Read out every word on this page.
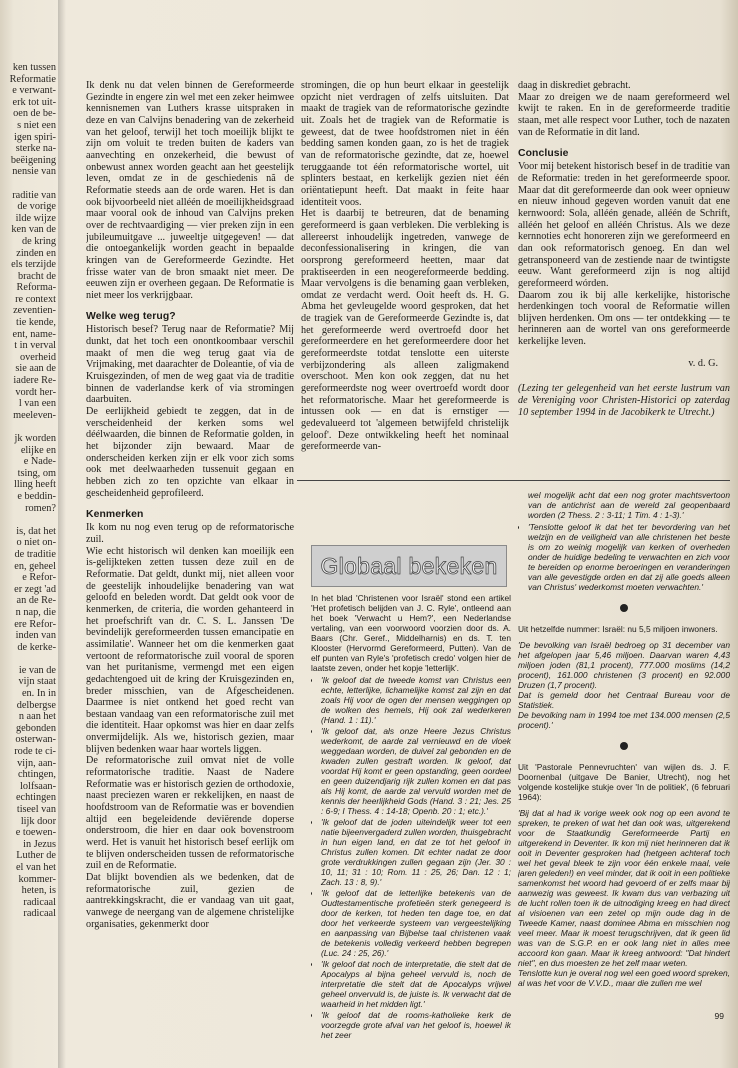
ken tussen
Reformatie
e verwant-
erk tot uit-
oen de be-
s niet een
igen spiri-
sterke na-
beëigening
nensie van
raditie van
de vorige
ilde wijze
ken van de
de kring
zinden en
els terzijde
bracht de
Reforma-
re context
zeventien-
tie kende,
ent, name-
t in verval
overheid
sie aan de
iadere Re-
vordt her-
l van een
meeleven-
jk worden
elijke en
e Nade-
tsing, om
lling heeft
e beddin-
romen?
is, dat het
o niet on-
de traditie
en, geheel
e Refor-
er zegt 'ad
an de Re-
n nap, die
ere Refor-
inden van
de kerke-
ie van de
vijn staat
en. In in
delbergse
n aan het
gebonden
osterwan-
rode te ci-
vijn, aan-
chtingen,
lolfsaan-
echtingen
tiseel van
lijk door
e toewen-
in Jezus
Luther de
el van het
kommer-
heten, is
radicaal
radicaal

Ik denk nu dat velen binnen de Gereformeerde Gezindte in engere zin wel met een zeker heimwee kennisnemen van Luthers krasse uitspraken in deze en van Calvijns benadering van de zekerheid van het geloof, terwijl het toch moeilijk blijkt te zijn om voluit te treden buiten de kaders van aanvechting en onzekerheid, die bewust of onbewust annex worden geacht aan het geestelijk leven, omdat ze in de geschiedenis nã de Reformatie steeds aan de orde waren. Het is dan ook bijvoorbeeld niet alléén de moeilijkheidsgraad maar vooral ook de inhoud van Calvijns preken over de rechtvaardiging — vier preken zijn in een jubileumuitgave ... juweeltje uitgegeven! — dat die ontoegankelijk worden geacht in bepaalde kringen van de Gereformeerde Gezindte. Het frisse water van de bron smaakt niet meer. De eeuwen zijn er overheen gegaan. De Reformatie is niet meer los verkrijgbaar.

Welke weg terug?

Historisch besef? Terug naar de Reformatie? Mij dunkt, dat het toch een onontkoombaar verschil maakt of men die weg terug gaat via de Vrijmaking, met daarachter de Doleantie, of via de Kruisgezinden, of men de weg gaat via de traditie binnen de vaderlandse kerk of via stromingen daarbuiten.

De eerlijkheid gebiedt te zeggen, dat in de verscheidenheid der kerken soms wel déélwaarden, die binnen de Reformatie golden, in het bijzonder zijn bewaard. Maar de onderscheiden kerken zijn er elk voor zich soms ook met deelwaarheden tussenuit gegaan en hebben zich zo ten opzichte van elkaar in gescheidenheid geprofileerd.

Kenmerken

Ik kom nu nog even terug op de reformatorische zuil.

Wie echt historisch wil denken kan moeilijk een is-gelijkteken zetten tussen deze zuil en de Reformatie. Dat geldt, dunkt mij, niet alleen voor de geestelijk inhoudelijke benadering van wat geloofd en beleden wordt. Dat geldt ook voor de kenmerken, de criteria, die worden gehanteerd in het proefschrift van dr. C. S. L. Janssen 'De bevindelijk gereformeerden tussen emancipatie en assimilatie'. Wanneer het om die kenmerken gaat vertoont de reformatorische zuil vooral de sporen van het puritanisme, vermengd met een eigen gedachtengoed uit de kring der Kruisgezinden en, breder misschien, van de Afgescheidenen. Daarmee is niet ontkend het goed recht van bestaan vandaag van een reformatorische zuil met die identiteit. Haar opkomst was hier en daar zelfs onvermijdelijk. Als we, historisch gezien, maar blijven bedenken waar haar wortels liggen.

De reformatorische zuil omvat niet de volle reformatorische traditie. Naast de Nadere Reformatie was er historisch gezien de orthodoxie, naast preciezen waren er rekkelijken, en naast de hoofdstroom van de Reformatie was er bovendien altijd een begeleidende deviërende doperse onderstroom, die hier en daar ook bovenstroom werd. Het is vanuit het historisch besef eerlijk om te blijven onderscheiden tussen de reformatorische zuil en de Reformatie.

Dat blijkt bovendien als we bedenken, dat de reformatorische zuil, gezien de aantrekkingskracht, die er vandaag van uit gaat, vanwege de neergang van de algemene christelijke organisaties, gekenmerkt door

stromingen, die op hun beurt elkaar in geestelijk opzicht niet verdragen of zelfs uitsluiten. Dat maakt de tragiek van de reformatorische gezindte uit. Zoals het de tragiek van de Reformatie is geweest, dat de twee hoofdstromen niet in één bedding samen konden gaan, zo is het de tragiek van de reformatorische gezindte, dat ze, hoewel teruggaande tot één reformatorische wortel, uit splinters bestaat, en kerkelijk gezien niet één oriëntatiepunt heeft. Dat maakt in feite haar identiteit voos.

Het is daarbij te betreuren, dat de benaming gereformeerd is gaan verbleken. Die verbleking is allereerst inhoudelijk ingetreden, vanwege de deconfessionalisering in kringen, die van oorsprong gereformeerd heetten, maar dat praktiseerden in een neogereformeerde bedding. Maar vervolgens is die benaming gaan verbleken, omdat ze verdacht werd. Ooit heeft ds. H. G. Abma het gevleugelde woord gesproken, dat het de tragiek van de Gereformeerde Gezindte is, dat het gereformeerde werd overtroefd door het gereformeerdere en het gereformeerdere door het gereformeerdste totdat tenslotte een uiterste verbijzondering als alleen zaligmakend overschoot. Men kon ook zeggen, dat nu het gereformeerdste nog weer overtroefd wordt door het reformatorische. Maar het gereformeerde is intussen ook — en dat is ernstiger — gedevalueerd tot 'algemeen betwijfeld christelijk geloof'. Deze ontwikkeling heeft het nominaal gereformeerde van-

daag in diskrediet gebracht.

Maar zo dreigen we de naam gereformeerd wel kwijt te raken. En in de gereformeerde traditie staan, met alle respect voor Luther, toch de nazaten van de Reformatie in dit land.

Conclusie

Voor mij betekent historisch besef in de traditie van de Reformatie: treden in het gereformeerde spoor. Maar dat dit gereformeerde dan ook weer opnieuw en nieuw inhoud gegeven worden vanuit dat ene kernwoord: Sola, alléén genade, alléén de Schrift, alléén het geloof en alléén Christus. Als we deze kernnoties echt honoreren zijn we gereformeerd en dan ook reformatorisch genoeg. En dan wel getransponeerd van de zestiende naar de twintigste eeuw. Want gereformeerd zijn is nog altijd gereformeerd wórden.

Daarom zou ik bij alle kerkelijke, historische herdenkingen toch vooral de Reformatie willen blijven herdenken. Om ons — ter ontdekking — te herinneren aan de wortel van ons gereformeerde kerkelijke leven.

v. d. G.

(Lezing ter gelegenheid van het eerste lustrum van de Vereniging voor Christen-Historici op zaterdag 10 september 1994 in de Jacobikerk te Utrecht.)

Globaal bekeken

In het blad 'Christenen voor Israël' stond een artikel 'Het profetisch belijden van J. C. Ryle', ontleend aan het boek 'Verwacht u Hem?', een Nederlandse vertaling, van een voorwoord voorzien door ds. A. Baars (Chr. Geref., Middelharnis) en ds. T. ten Klooster (Hervormd Gereformeerd, Putten). Van de elf punten van Ryle's 'profetisch credo' volgen hier de laatste zeven, onder het kopje 'letterlijk'.

• 'Ik geloof dat de tweede komst van Christus een echte, letterlijke, lichamelijke komst zal zijn en dat zoals Hij voor de ogen der mensen weggingen op de wolken des hemels, Hij ook zal wederkeren (Hand. 1 : 11).'
• 'Ik geloof dat, als onze Heere Jezus Christus wederkomt, de aarde zal vernieuwd en de vloek weggedaan worden, de duivel zal gebonden en de kwaden zullen gestraft worden. Ik geloof, dat voordat Hij komt er geen opstanding, geen oordeel en geen duizendjarig rijk zullen komen en dat pas als Hij komt, de aarde zal vervuld worden met de kennis der heerlijkheid Gods (Hand. 3 : 21; Jes. 25 : 6-9; I Thess. 4 : 14-18; Openb. 20 : 1; etc.).'
• 'Ik geloof dat de joden uiteindelijk weer tot een natie bijeenvergaderd zullen worden, thuisgebracht in hun eigen land, en dat ze tot het geloof in Christus zullen komen. Dit echter nadat ze door grote verdrukkingen zullen gegaan zijn (Jer. 30 : 10, 11; 31 : 10; Rom. 11 : 25, 26; Dan. 12 : 1; Zach. 13 : 8, 9).'
• 'Ik geloof dat de letterlijke betekenis van de Oudtestamentische profetieën sterk genegeerd is door de kerken, tot heden ten dage toe, en dat door het verkeerde systeem van vergeestelijking en aanpassing van Bijbelse taal christenen vaak de betekenis volledig verkeerd hebben begrepen (Luc. 24 : 25, 26).'
• 'Ik geloof dat noch de interpretatie, die stelt dat de Apocalyps al bijna geheel vervuld is, noch de interpretatie die stelt dat de Apocalyps vrijwel geheel onvervuld is, de juiste is. Ik verwacht dat de waarheid in het midden ligt.'
• 'Ik geloof dat de rooms-katholieke kerk de voorzegde grote afval van het geloof is, hoewel ik het zeer

wel mogelijk acht dat een nog groter machtsvertoon van de antichrist aan de wereld zal geopenbaard worden (2 Thess. 2 : 3-11; 1 Tim. 4 : 1-3).'

• 'Tenslotte geloof ik dat het ter bevordering van het welzijn en de veiligheid van alle christenen het beste is om zo weinig mogelijk van kerken of overheden onder de huidige bedeling te verwachten en zich voor te bereiden op enorme beroeringen en veranderingen van alle gevestigde orden en dat zij alle goeds alleen van Christus' wederkomst moeten verwachten.'

Uit hetzelfde nummer: Israël: nu 5,5 miljoen inwoners.

'De bevolking van Israël bedroeg op 31 december van het afgelopen jaar 5,46 miljoen. Daarvan waren 4,43 miljoen joden (81,1 procent), 777.000 moslims (14,2 procent), 161.000 christenen (3 procent) en 92.000 Druzen (1,7 procent).

Dat is gemeld door het Centraal Bureau voor de Statistiek.

De bevolking nam in 1994 toe met 134.000 mensen (2,5 procent).'

Uit 'Pastorale Pennevruchten' van wijlen ds. J. F. Doornenbal (uitgave De Banier, Utrecht), nog het volgende kostelijke stukje over 'In de politiek', (6 februari 1964):

'Bij dat al had ik vorige week ook nog op een avond te spreken, te preken of wat het dan ook was, uitgerekend voor de Staatkundig Gereformeerde Partij en uitgerekend in Deventer. Ik kon mij niet herinneren dat ik ooit in Deventer gesproken had (hetgeen achteraf toch wel het geval bleek te zijn voor één enkele maal, vele jaren geleden!) en veel minder, dat ik ooit in een politieke samenkomst het woord had gevoerd of er zelfs maar bij aanwezig was geweest. Ik kwam dus van verbazing uit de lucht rollen toen ik de uitnodiging kreeg en had direct al visioenen van een zetel op mijn oude dag in de Tweede Kamer, naast dominee Abma en misschien nog veel meer. Maar ik moest terugschrijven, dat ik geen lid was van de S.G.P. en er ook lang niet in alles mee accoord kon gaan. Maar ik kreeg antwoord: "Dat hindert niet", en dus moesten ze het zelf maar weten.

Tenslotte kun je overal nog wel een goed woord spreken, al was het voor de V.V.D., maar die zullen me wel

99
